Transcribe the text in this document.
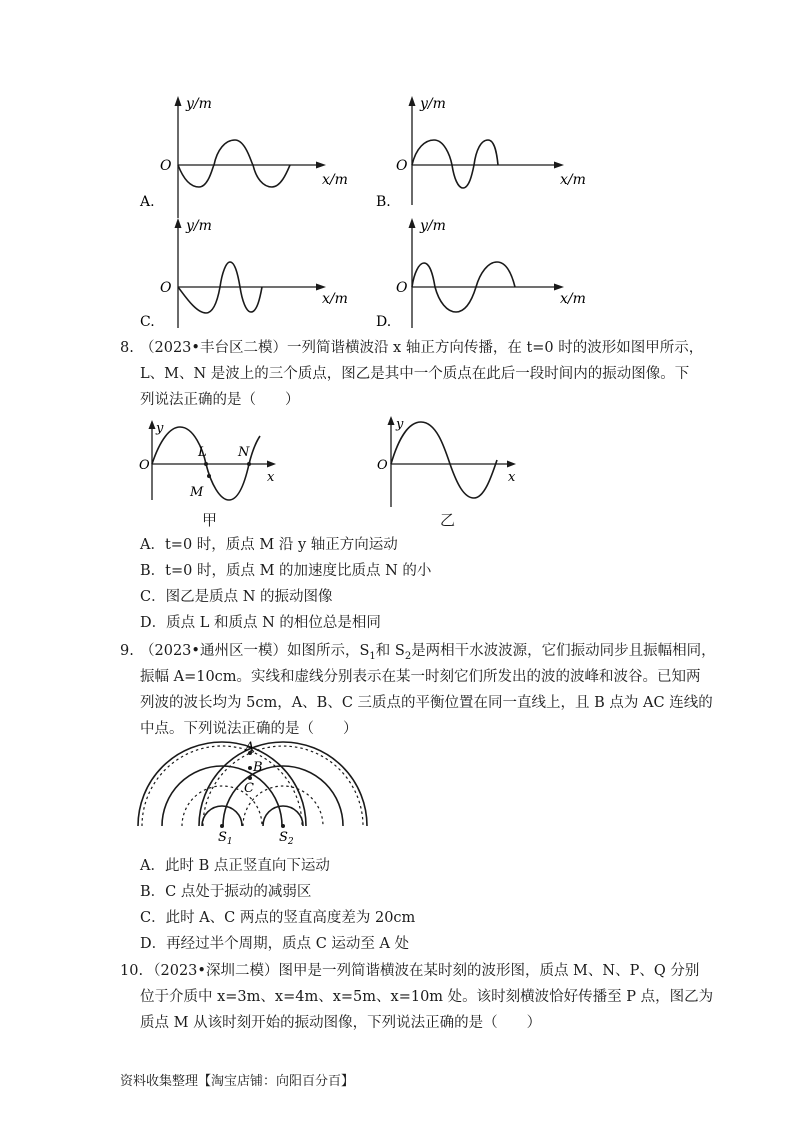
A.
y/m
x/m
O
B.
y/m
x/m
O
C.
y/m
x/m
O
D.
y/m
x/m
O
8. （2023•丰台区二模）一列简谐横波沿 x 轴正方向传播，在 t=0 时的波形如图甲所示，
L、M、N 是波上的三个质点，图乙是其中一个质点在此后一段时间内的振动图像。下
列说法正确的是（　　）
y
x
O
L
M
N
y
x
O
甲	乙
A．t=0 时，质点 M 沿 y 轴正方向运动
B．t=0 时，质点 M 的加速度比质点 N 的小
C．图乙是质点 N 的振动图像
D．质点 L 和质点 N 的相位总是相同
9. （2023•通州区一模）如图所示，$S_1$和 $S_2$是两相干水波波源，它们振动同步且振幅相同，
振幅 A=10cm。实线和虚线分别表示在某一时刻它们所发出的波的波峰和波谷。已知两
列波的波长均为 5cm，A、B、C 三质点的平衡位置在同一直线上，且 B 点为 AC 连线的
中点。下列说法正确的是（　　）
A
B
C
$S_1$	$S_2$
A．此时 B 点正竖直向下运动
B．C 点处于振动的减弱区
C．此时 A、C 两点的竖直高度差为 20cm
D．再经过半个周期，质点 C 运动至 A 处
10. （2023•深圳二模）图甲是一列简谐横波在某时刻的波形图，质点 M、N、P、Q 分别
位于介质中 x=3m、x=4m、x=5m、x=10m 处。该时刻横波恰好传播至 P 点，图乙为
质点 M 从该时刻开始的振动图像，下列说法正确的是（　　）
资料收集整理【淘宝店铺：向阳百分百】
